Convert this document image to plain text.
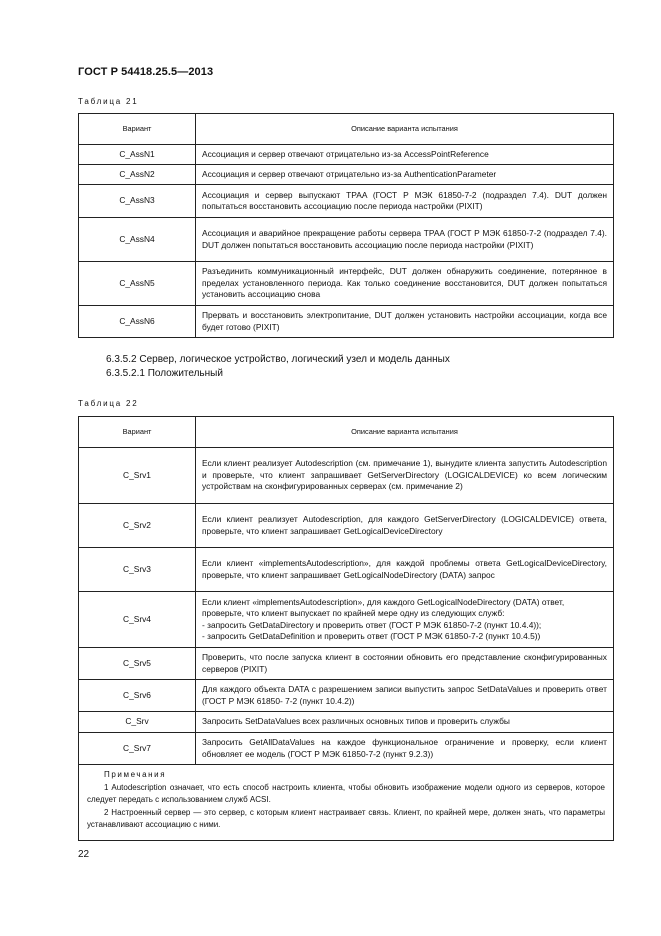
ГОСТ Р 54418.25.5—2013
Таблица 21
Вариант	Описание варианта испытания
C_AssN1	Ассоциация и сервер отвечают отрицательно из-за AccessPointReference
C_AssN2	Ассоциация и сервер отвечают отрицательно из-за AuthenticationParameter
C_AssN3	Ассоциация и сервер выпускают TPAA (ГОСТ Р МЭК 61850-7-2 (подраздел 7.4). DUT должен попытаться восстановить ассоциацию после периода настройки (PIXIT)
C_AssN4	Ассоциация и аварийное прекращение работы сервера TPAA (ГОСТ Р МЭК 61850-7-2 (подраздел 7.4). DUT должен попытаться восстановить ассоциацию после периода настройки (PIXIT)
C_AssN5	Разъединить коммуникационный интерфейс, DUT должен обнаружить соединение, потерянное в пределах установленного периода. Как только соединение восстановится, DUT должен попытаться установить ассоциацию снова
C_AssN6	Прервать и восстановить электропитание, DUT должен установить настройки ассоциации, когда все будет готово (PIXIT)
6.3.5.2 Сервер, логическое устройство, логический узел и модель данных
6.3.5.2.1 Положительный
Таблица 22
Вариант	Описание варианта испытания
C_Srv1	Если клиент реализует Autodescription (см. примечание 1), вынудите клиента запустить Autodescription и проверьте, что клиент запрашивает GetServerDirectory (LOGICALDEVICE) ко всем логическим устройствам на сконфигурированных серверах (см. примечание 2)
C_Srv2	Если клиент реализует Autodescription, для каждого GetServerDirectory (LOGICALDEVICE) ответа, проверьте, что клиент запрашивает GetLogicalDeviceDirectory
C_Srv3	Если клиент «implementsAutodescription», для каждой проблемы ответа GetLogicalDeviceDirectory, проверьте, что клиент запрашивает GetLogicalNodeDirectory (DATA) запрос
C_Srv4	Если клиент «implementsAutodescription», для каждого GetLogicalNodeDirectory (DATA) ответ, проверьте, что клиент выпускает по крайней мере одну из следующих служб:
- запросить GetDataDirectory и проверить ответ (ГОСТ Р МЭК 61850-7-2 (пункт 10.4.4));
- запросить GetDataDefinition и проверить ответ (ГОСТ Р МЭК 61850-7-2 (пункт 10.4.5))
C_Srv5	Проверить, что после запуска клиент в состоянии обновить его представление сконфигурированных серверов (PIXIT)
C_Srv6	Для каждого объекта DATA с разрешением записи выпустить запрос SetDataValues и проверить ответ (ГОСТ Р МЭК 61850- 7-2 (пункт 10.4.2))
C_Srv	Запросить SetDataValues всех различных основных типов и проверить службы
C_Srv7	Запросить GetAllDataValues на каждое функциональное ограничение и проверку, если клиент обновляет ее модель (ГОСТ Р МЭК 61850-7-2 (пункт 9.2.3))

Примечания
1 Autodescription означает, что есть способ настроить клиента, чтобы обновить изображение модели одного из серверов, которое следует передать с использованием служб ACSI.
2 Настроенный сервер — это сервер, с которым клиент настраивает связь. Клиент, по крайней мере, должен знать, что параметры устанавливают ассоциацию с ними.	
22
